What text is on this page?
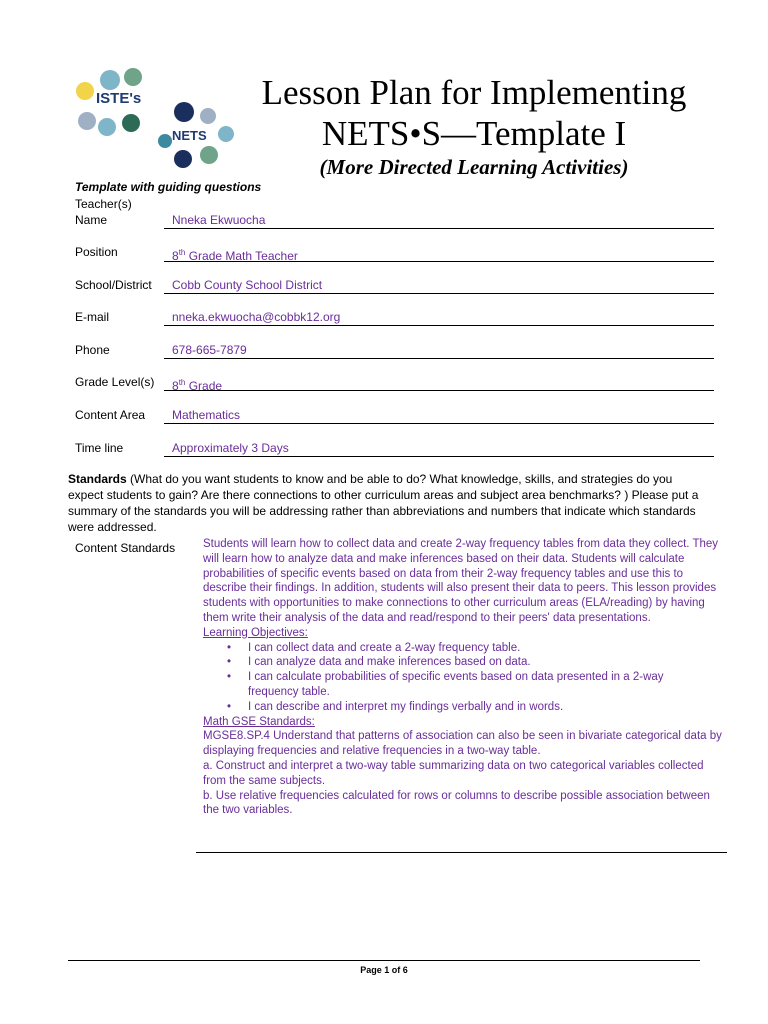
ISTE's
NETS
Lesson Plan for Implementing
NETS•S—Template I
(More Directed Learning Activities)
Template with guiding questions
Teacher(s)
Name	Nneka Ekwuocha
Position	8th Grade Math Teacher
School/District Cobb County School District
E-mail	nneka.ekwuocha@cobbk12.org
Phone	678-665-7879
Grade Level(s) 8th Grade
Content Area Mathematics
Time line	Approximately 3 Days
Standards (What do you want students to know and be able to do? What knowledge, skills, and strategies do you expect students to gain? Are there connections to other curriculum areas and subject area benchmarks? ) Please put a summary of the standards you will be addressing rather than abbreviations and numbers that indicate which standards were addressed.
Content Standards Students will learn how to collect data and create 2-way frequency tables from data they collect. They will learn how to analyze data and make inferences based on their data. Students will calculate probabilities of specific events based on data from their 2-way frequency tables and use this to describe their findings. In addition, students will also present their data to peers. This lesson provides students with opportunities to make connections to other curriculum areas (ELA/reading) by having them write their analysis of the data and read/respond to their peers' data presentations.
Learning Objectives:
• I can collect data and create a 2-way frequency table.
• I can analyze data and make inferences based on data.
• I can calculate probabilities of specific events based on data presented in a 2-way frequency table.
• I can describe and interpret my findings verbally and in words.
Math GSE Standards:
MGSE8.SP.4 Understand that patterns of association can also be seen in bivariate categorical data by displaying frequencies and relative frequencies in a two-way table.
a. Construct and interpret a two-way table summarizing data on two categorical variables collected from the same subjects.
b. Use relative frequencies calculated for rows or columns to describe possible association between the two variables.
Page 1 of 6
